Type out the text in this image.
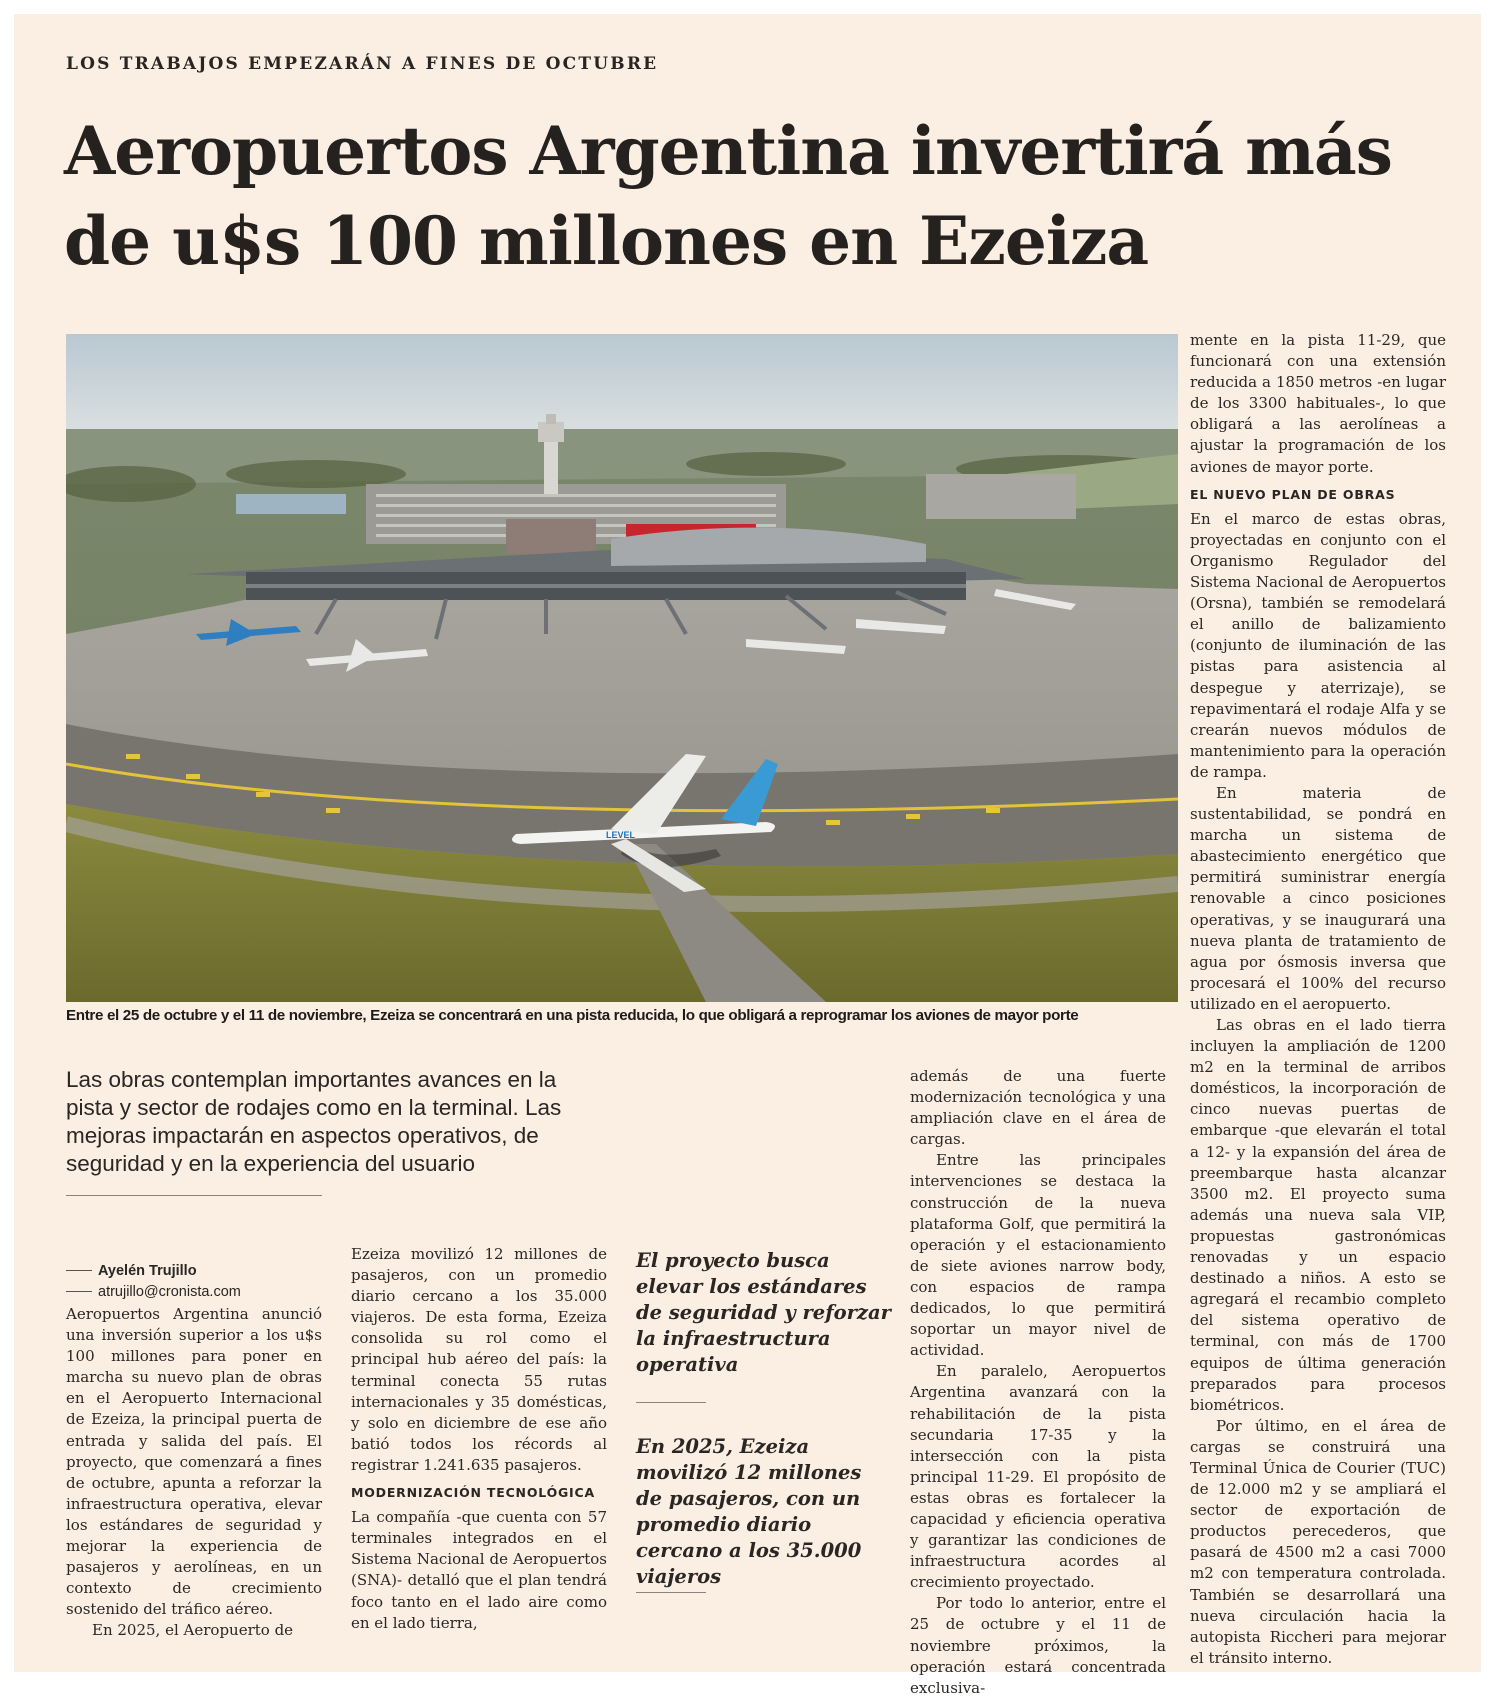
LOS TRABAJOS EMPEZARÁN A FINES DE OCTUBRE
Aeropuertos Argentina invertirá más
de u$s 100 millones en Ezeiza
LEVEL
Entre el 25 de octubre y el 11 de noviembre, Ezeiza se concentrará en una pista reducida, lo que obligará a reprogramar los aviones de mayor porte
Las obras contemplan importantes avances en la
pista y sector de rodajes como en la terminal. Las
mejoras impactarán en aspectos operativos, de
seguridad y en la experiencia del usuario
Ayelén Trujillo
atrujillo@cronista.com

Aeropuertos Argentina anunció una inversión superior a los u$s 100 millones para poner en marcha su nuevo plan de obras en el Aeropuerto Internacional de Ezeiza, la principal puerta de entrada y salida del país. El proyecto, que comenzará a fines de octubre, apunta a reforzar la infraestructura operativa, elevar los estándares de seguridad y mejorar la experiencia de pasajeros y aerolíneas, en un contexto de crecimiento sostenido del tráfico aéreo.

En 2025, el Aeropuerto de

Ezeiza movilizó 12 millones de pasajeros, con un promedio diario cercano a los 35.000 viajeros. De esta forma, Ezeiza consolida su rol como el principal hub aéreo del país: la terminal conecta 55 rutas internacionales y 35 domésticas, y solo en diciembre de ese año batió todos los récords al registrar 1.241.635 pasajeros.

MODERNIZACIÓN TECNOLÓGICA

La compañía -que cuenta con 57 terminales integrados en el Sistema Nacional de Aeropuertos (SNA)- detalló que el plan tendrá foco tanto en el lado aire como en el lado tierra,

El proyecto busca elevar los estándares de seguridad y reforzar la infraestructura operativa
En 2025, Ezeiza movilizó 12 millones de pasajeros, con un promedio diario cercano a los 35.000 viajeros

además de una fuerte modernización tecnológica y una ampliación clave en el área de cargas.

Entre las principales intervenciones se destaca la construcción de la nueva plataforma Golf, que permitirá la operación y el estacionamiento de siete aviones narrow body, con espacios de rampa dedicados, lo que permitirá soportar un mayor nivel de actividad.

En paralelo, Aeropuertos Argentina avanzará con la rehabilitación de la pista secundaria 17-35 y la intersección con la pista principal 11-29. El propósito de estas obras es fortalecer la capacidad y eficiencia operativa y garantizar las condiciones de infraestructura acordes al crecimiento proyectado.

Por todo lo anterior, entre el 25 de octubre y el 11 de noviembre próximos, la operación estará concentrada exclusiva-

mente en la pista 11-29, que funcionará con una extensión reducida a 1850 metros -en lugar de los 3300 habituales-, lo que obligará a las aerolíneas a ajustar la programación de los aviones de mayor porte.

EL NUEVO PLAN DE OBRAS

En el marco de estas obras, proyectadas en conjunto con el Organismo Regulador del Sistema Nacional de Aeropuertos (Orsna), también se remodelará el anillo de balizamiento (conjunto de iluminación de las pistas para asistencia al despegue y aterrizaje), se repavimentará el rodaje Alfa y se crearán nuevos módulos de mantenimiento para la operación de rampa.

En materia de sustentabilidad, se pondrá en marcha un sistema de abastecimiento energético que permitirá suministrar energía renovable a cinco posiciones operativas, y se inaugurará una nueva planta de tratamiento de agua por ósmosis inversa que procesará el 100% del recurso utilizado en el aeropuerto.

Las obras en el lado tierra incluyen la ampliación de 1200 m2 en la terminal de arribos domésticos, la incorporación de cinco nuevas puertas de embarque -que elevarán el total a 12- y la expansión del área de preembarque hasta alcanzar 3500 m2. El proyecto suma además una nueva sala VIP, propuestas gastronómicas renovadas y un espacio destinado a niños. A esto se agregará el recambio completo del sistema operativo de terminal, con más de 1700 equipos de última generación preparados para procesos biométricos.

Por último, en el área de cargas se construirá una Terminal Única de Courier (TUC) de 12.000 m2 y se ampliará el sector de exportación de productos perecederos, que pasará de 4500 m2 a casi 7000 m2 con temperatura controlada. También se desarrollará una nueva circulación hacia la autopista Riccheri para mejorar el tránsito interno.
